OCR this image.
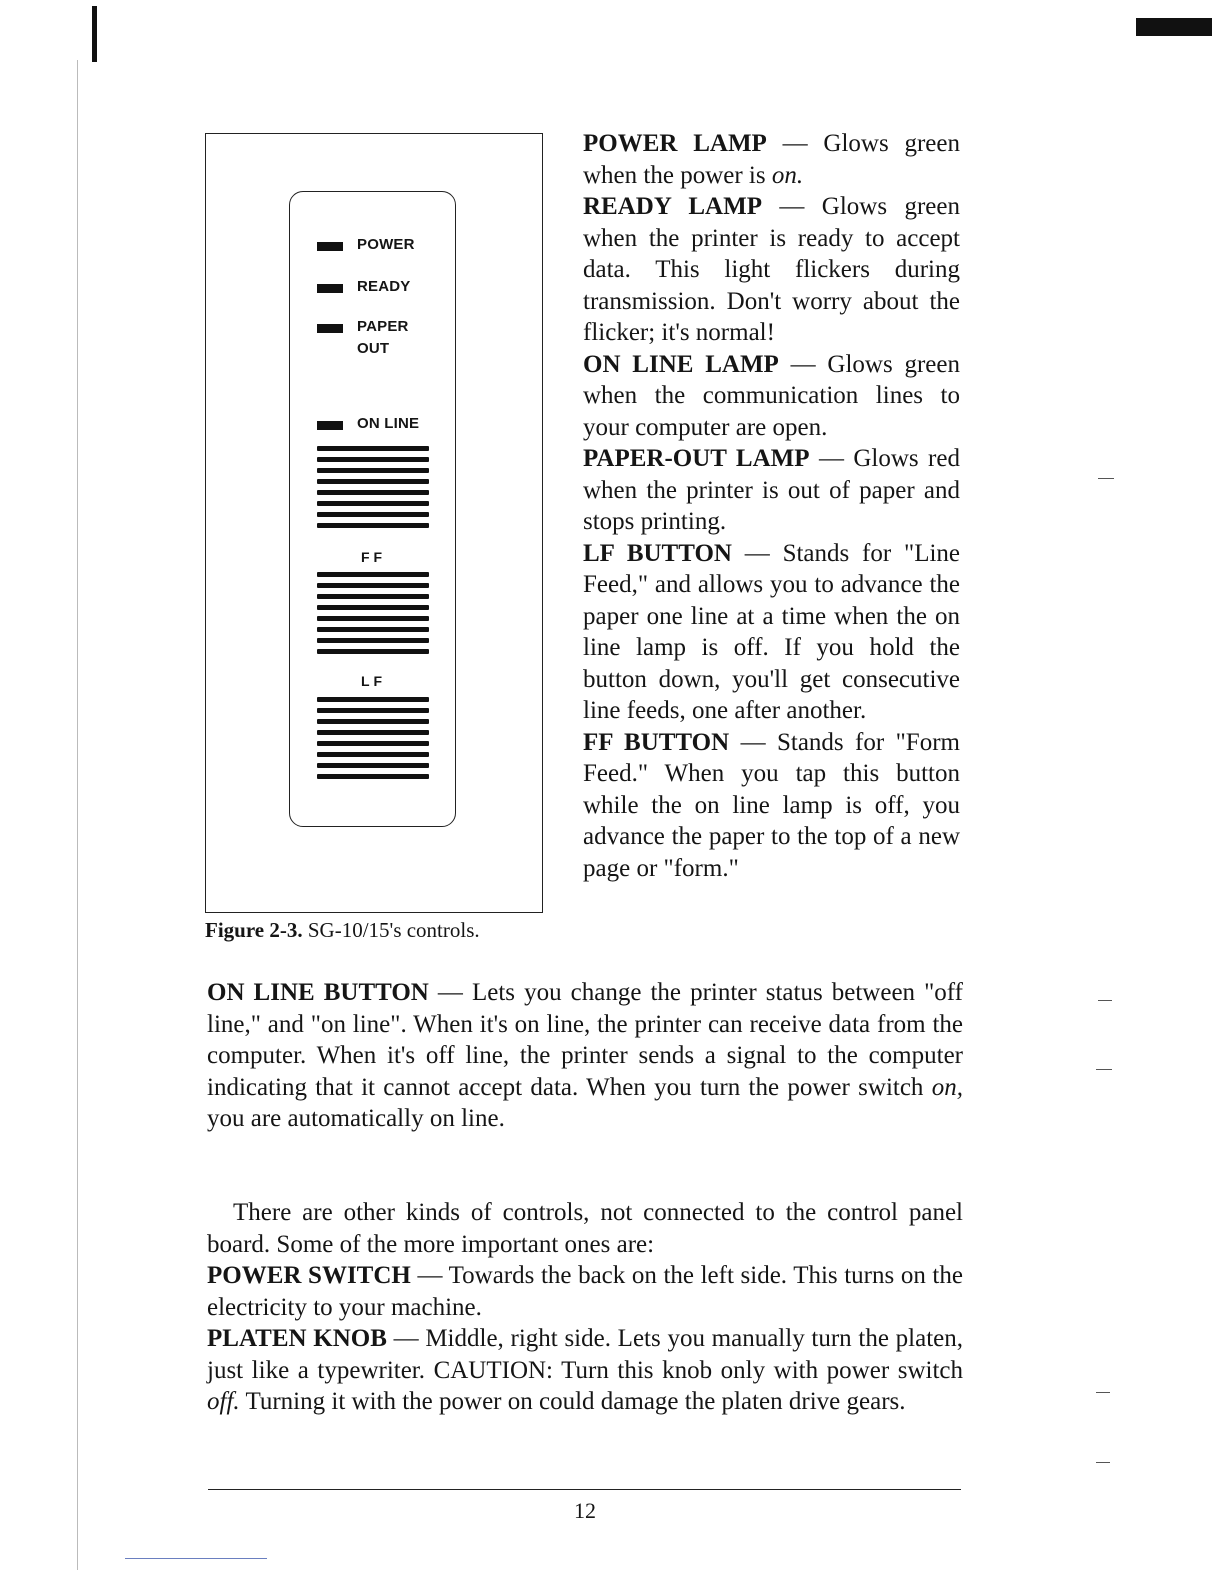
POWER
READY
PAPER
OUT
ON LINE
FF
LF
Figure 2-3. SG-10/15's controls.

POWER LAMP — Glows green when the power is on.

READY LAMP — Glows green when the printer is ready to accept data. This light flickers during transmission. Don't worry about the flicker; it's normal!

ON LINE LAMP — Glows green when the communication lines to your computer are open.

PAPER-OUT LAMP — Glows red when the printer is out of paper and stops printing.

LF BUTTON — Stands for "Line Feed," and allows you to advance the paper one line at a time when the on line lamp is off. If you hold the button down, you'll get consecutive line feeds, one after another.

FF BUTTON — Stands for "Form Feed." When you tap this button while the on line lamp is off, you advance the paper to the top of a new page or "form."

ON LINE BUTTON — Lets you change the printer status between "off line," and "on line". When it's on line, the printer can receive data from the computer. When it's off line, the printer sends a signal to the computer indicating that it cannot accept data. When you turn the power switch on, you are automatically on line.

There are other kinds of controls, not connected to the control panel board. Some of the more important ones are:

POWER SWITCH — Towards the back on the left side. This turns on the electricity to your machine.

PLATEN KNOB — Middle, right side. Lets you manually turn the platen, just like a typewriter. CAUTION: Turn this knob only with power switch off. Turning it with the power on could damage the platen drive gears.

12
